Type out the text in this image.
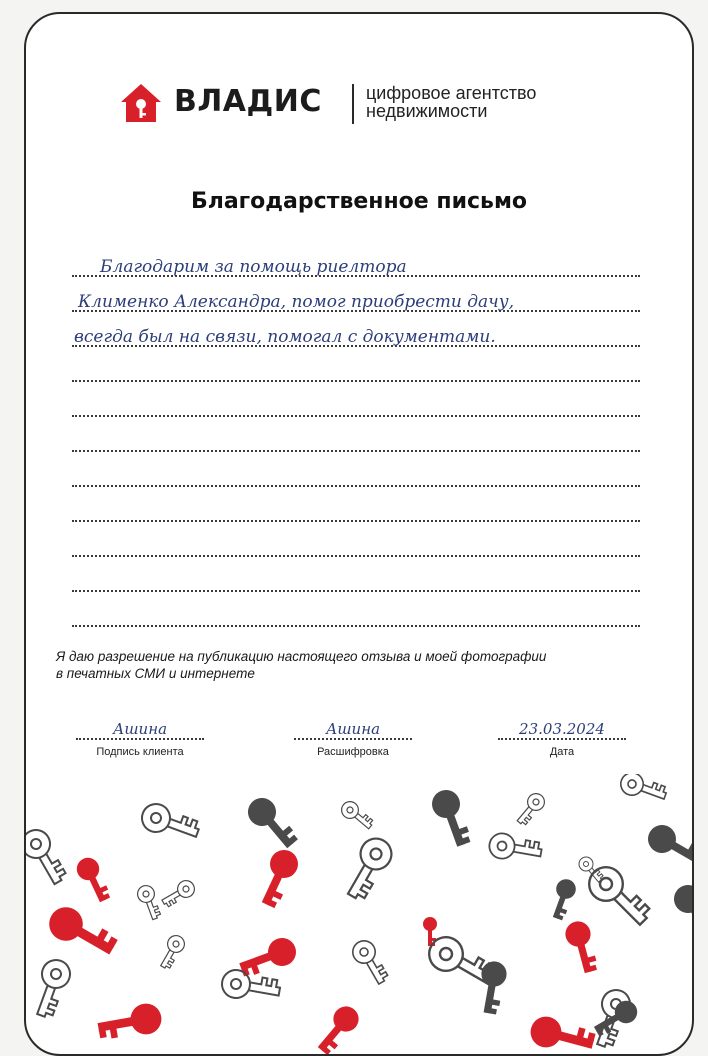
ВЛАДИС цифровое агентство
недвижимости
Благодарственное письмо
Благодарим за помощь риелтора
Клименко Александра, помог приобрести дачу,
всегда был на связи, помогал с документами.
Я даю разрешение на публикацию настоящего отзыва и моей фотографии
в печатных СМИ и интернете
Ашина
Подпись клиента
Ашина
Расшифровка
23.03.2024
Дата
